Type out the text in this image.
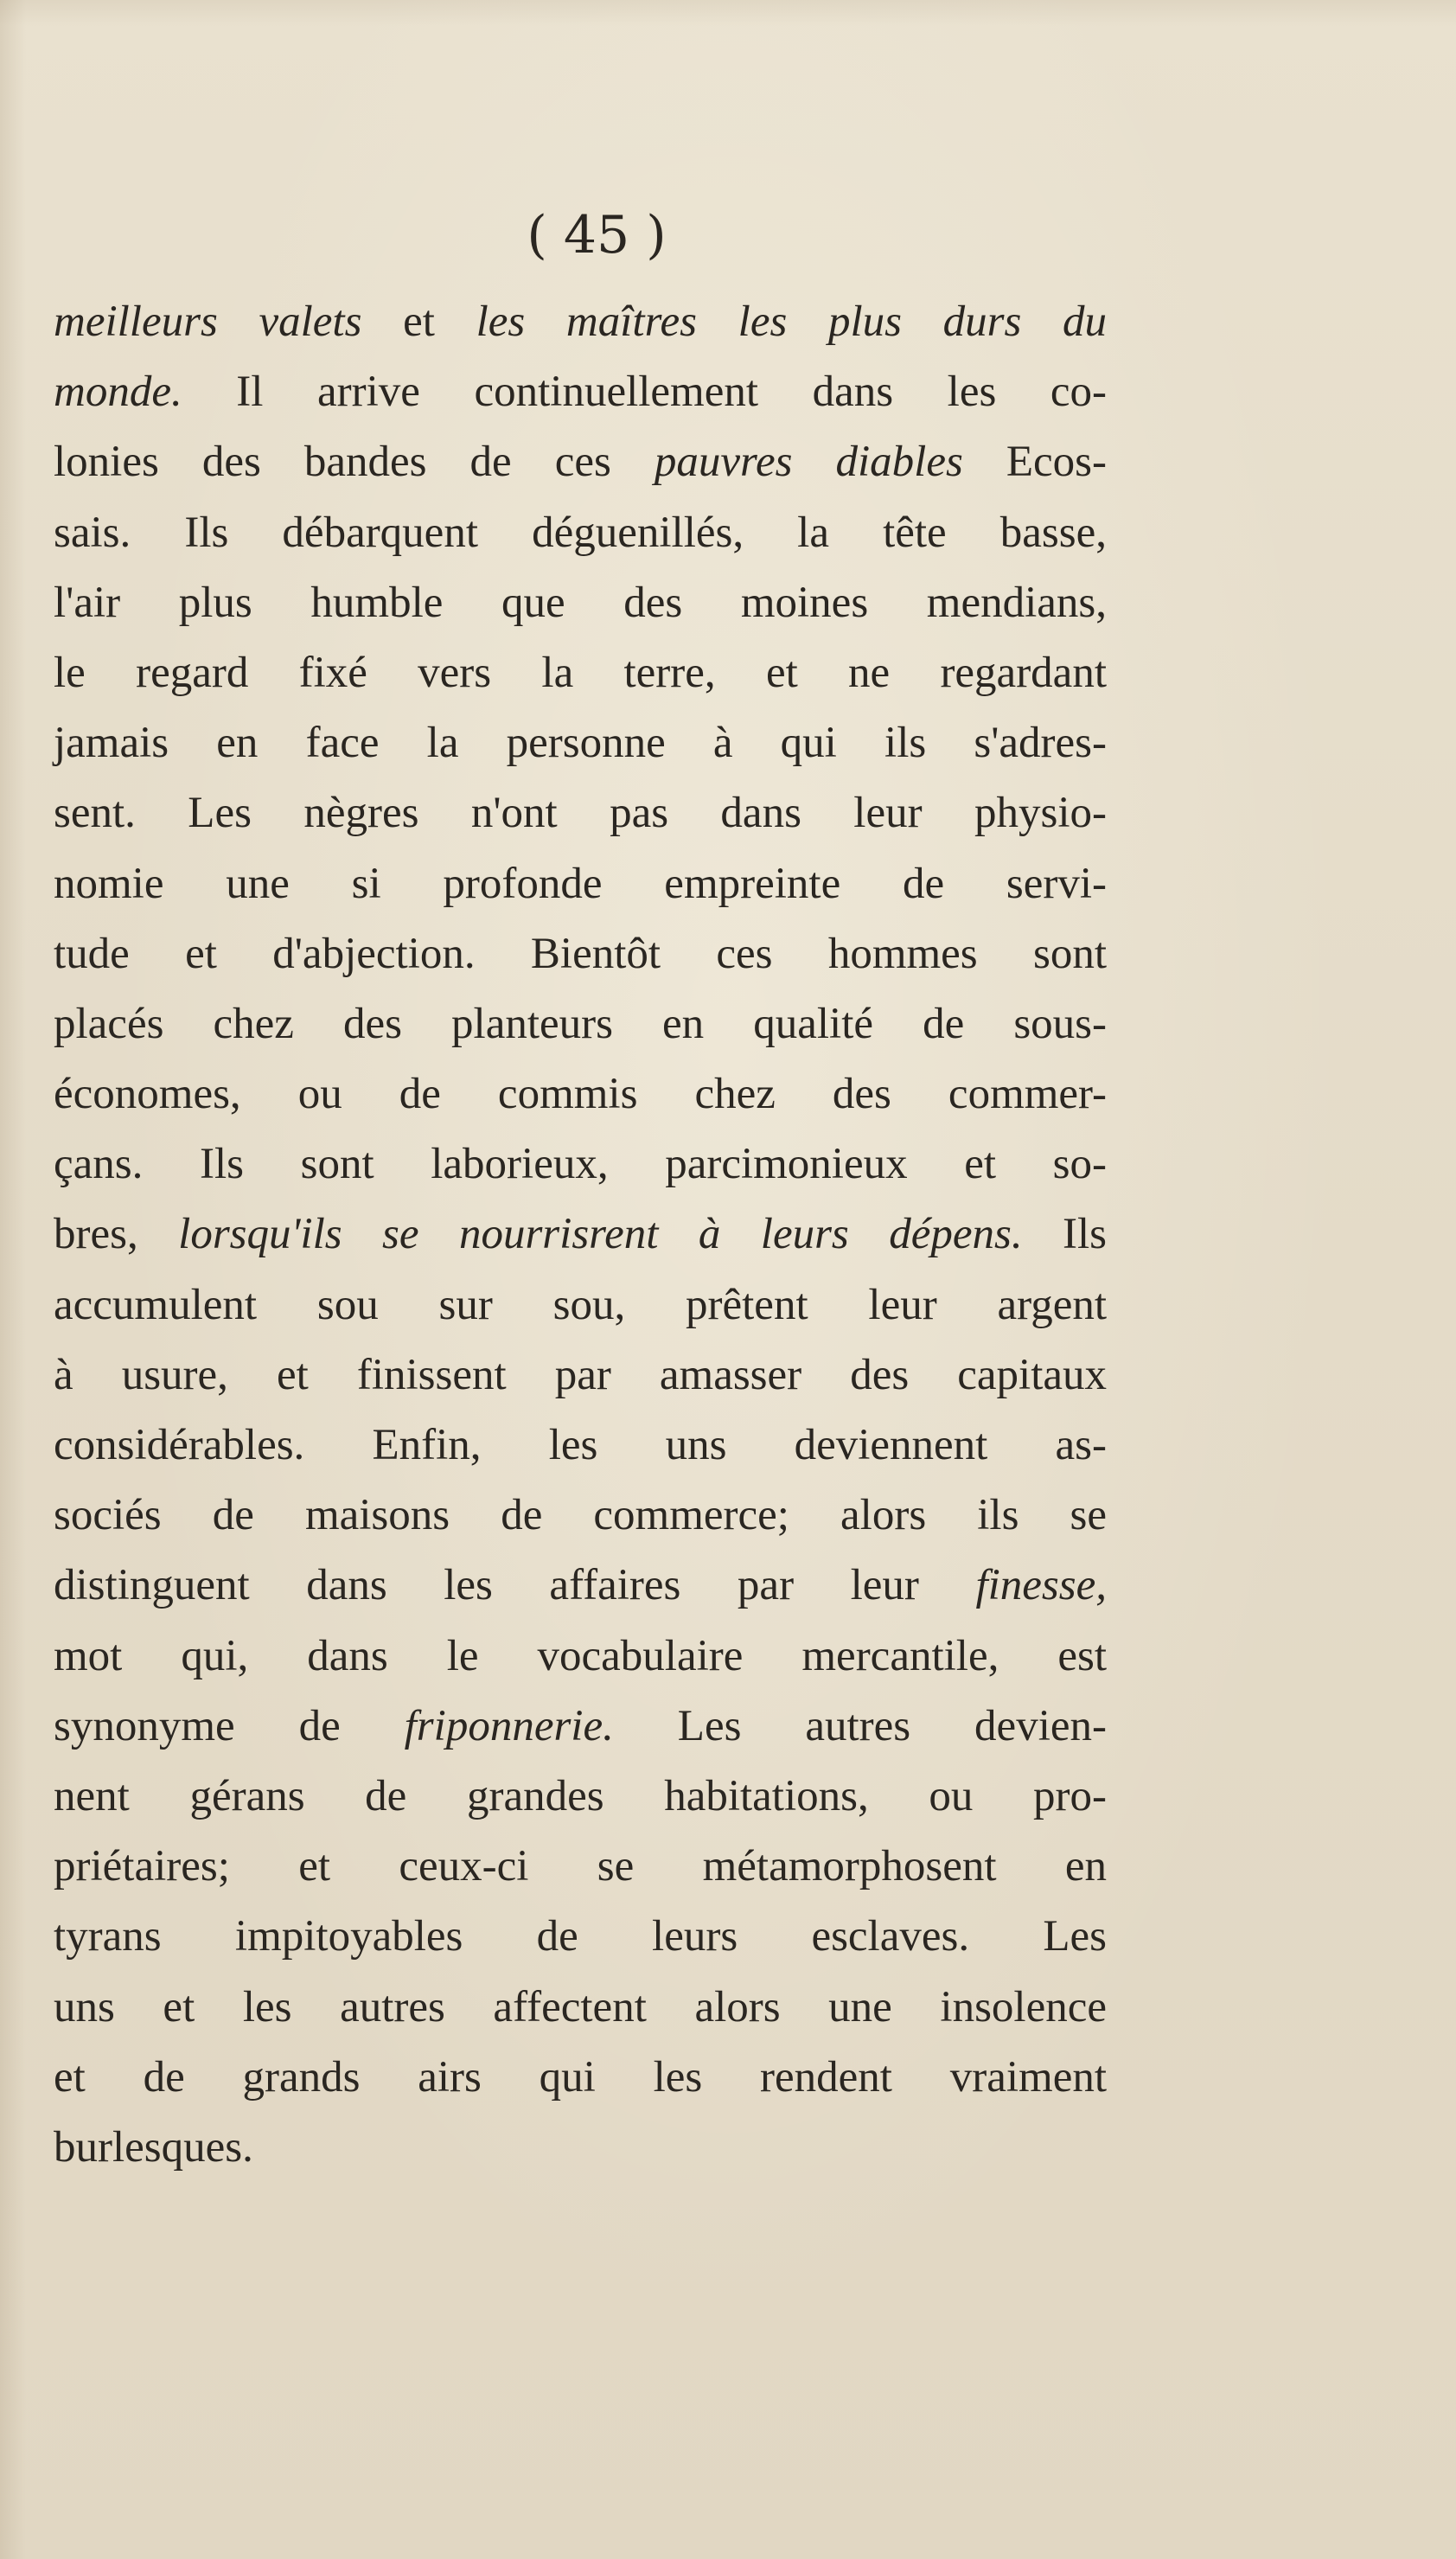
( 45 )
meilleurs valets et les maîtres les plus durs du
monde. Il arrive continuellement dans les co-
lonies des bandes de ces pauvres diables Ecos-
sais. Ils débarquent déguenillés, la tête basse,
l'air plus humble que des moines mendians,
le regard fixé vers la terre, et ne regardant
jamais en face la personne à qui ils s'adres-
sent. Les nègres n'ont pas dans leur physio-
nomie une si profonde empreinte de servi-
tude et d'abjection. Bientôt ces hommes sont
placés chez des planteurs en qualité de sous-
économes, ou de commis chez des commer-
çans. Ils sont laborieux, parcimonieux et so-
bres, lorsqu'ils se nourrisrent à leurs dépens. Ils
accumulent sou sur sou, prêtent leur argent
à usure, et finissent par amasser des capitaux
considérables. Enfin, les uns deviennent as-
sociés de maisons de commerce; alors ils se
distinguent dans les affaires par leur finesse,
mot qui, dans le vocabulaire mercantile, est
synonyme de friponnerie. Les autres devien-
nent gérans de grandes habitations, ou pro-
priétaires; et ceux-ci se métamorphosent en
tyrans impitoyables de leurs esclaves. Les
uns et les autres affectent alors une insolence
et de grands airs qui les rendent vraiment
burlesques.
